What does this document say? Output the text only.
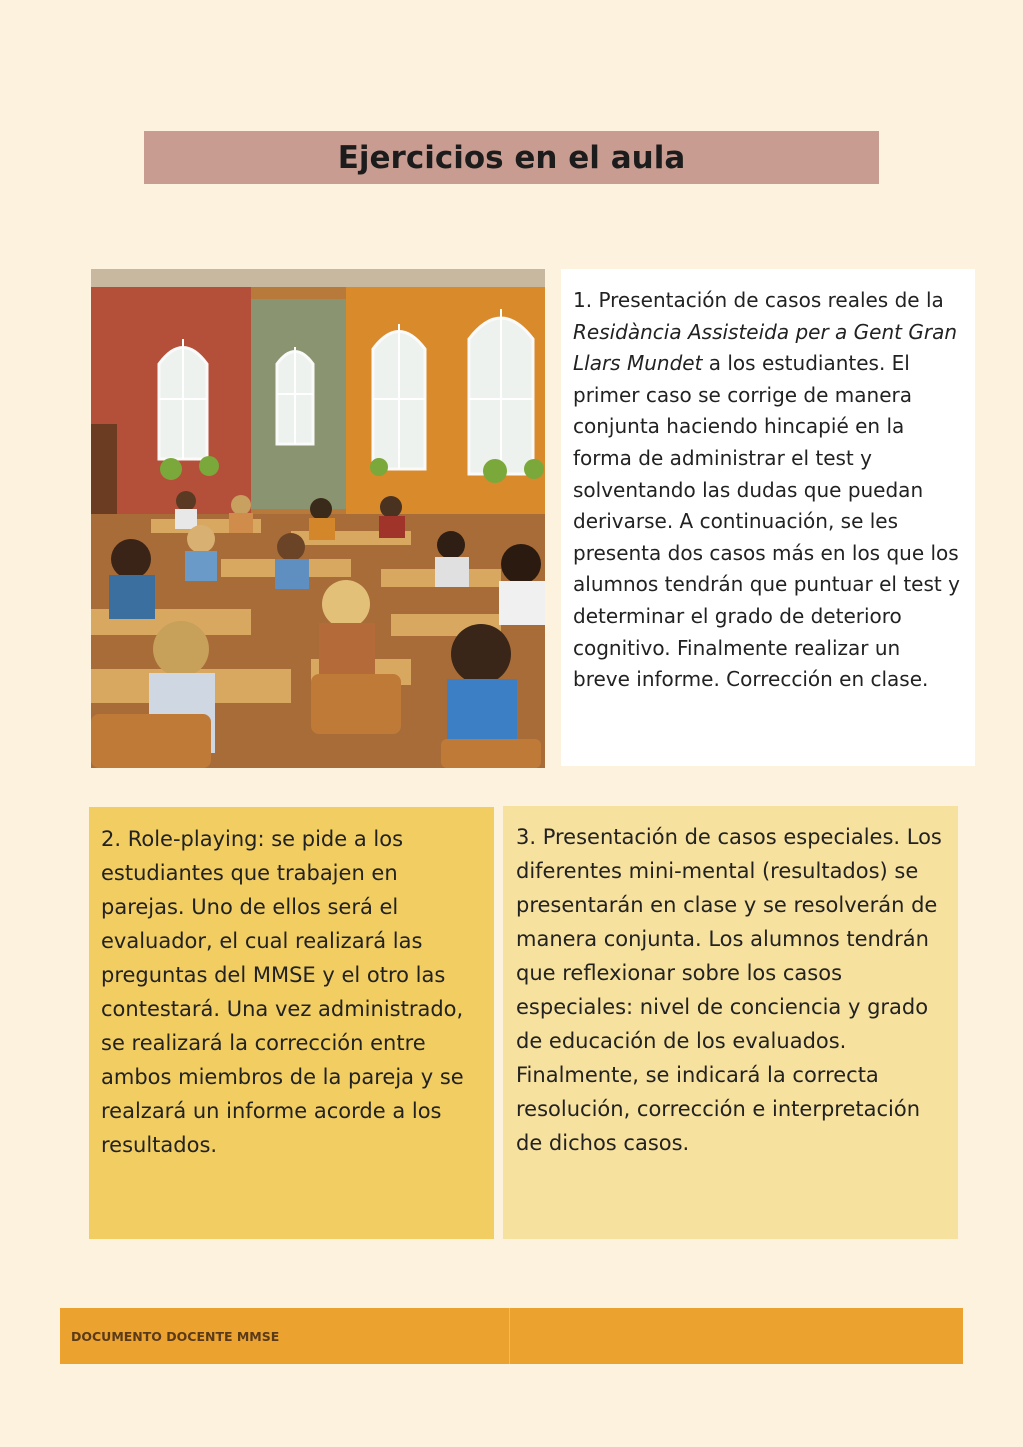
Ejercicios en el aula

1. Presentación de casos reales de la Residància Assisteida per a Gent Gran Llars Mundet a los estudiantes. El primer caso se corrige de manera conjunta haciendo hincapié en la forma de administrar el test y solventando las dudas que puedan derivarse. A continuación, se les presenta dos casos más en los que los alumnos tendrán que puntuar el test y determinar el grado de deterioro cognitivo. Finalmente realizar un breve informe. Corrección en clase.

2. Role-playing: se pide a los estudiantes que trabajen en parejas. Uno de ellos será el evaluador, el cual realizará las preguntas del MMSE y el otro las contestará. Una vez administrado, se realizará la corrección entre ambos miembros de la pareja y se realzará un informe acorde a los resultados.

3. Presentación de casos especiales. Los diferentes mini-mental (resultados) se presentarán en clase y se resolverán de manera conjunta. Los alumnos tendrán que reflexionar sobre los casos especiales: nivel de conciencia y grado de educación de los evaluados. Finalmente, se indicará la correcta resolución, corrección e interpretación de dichos casos.

DOCUMENTO DOCENTE MMSE
